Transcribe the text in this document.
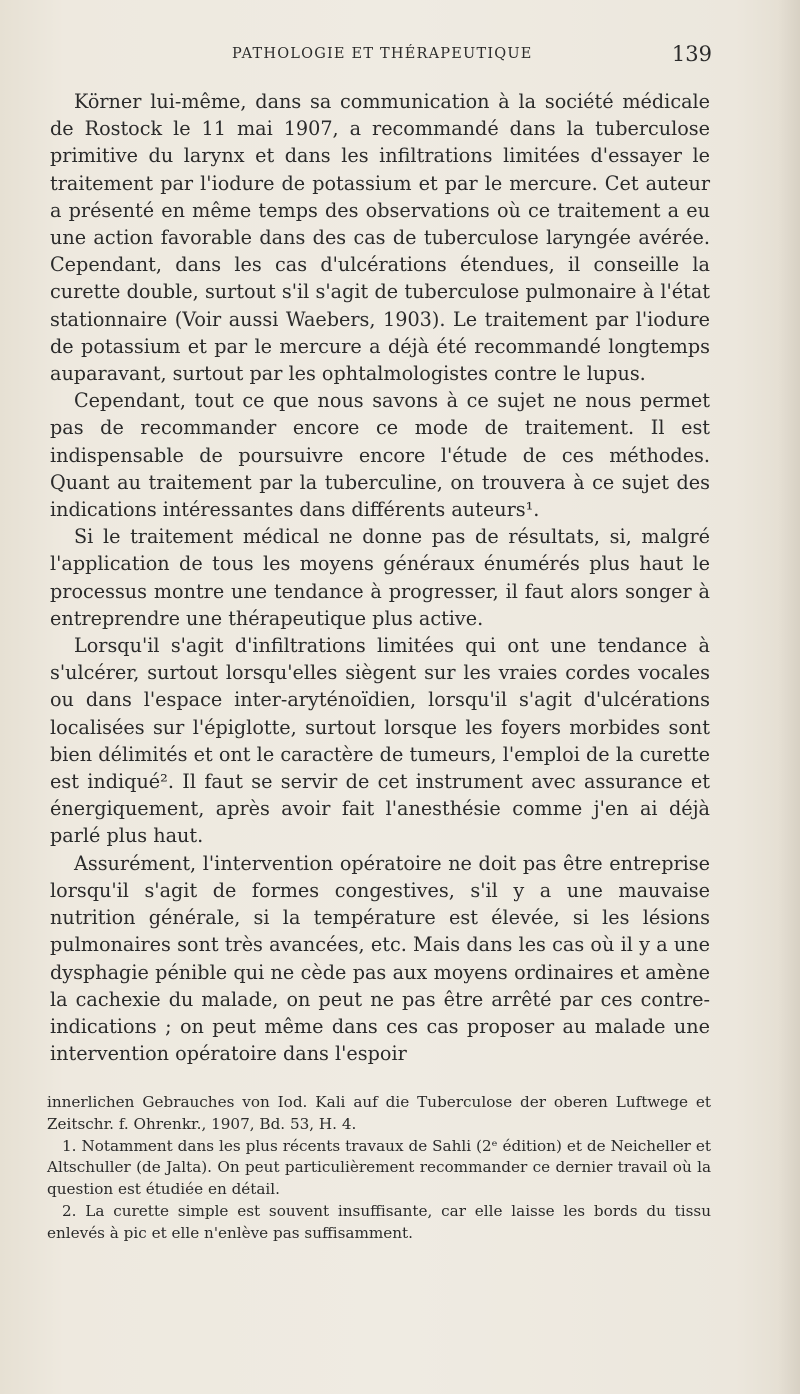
PATHOLOGIE ET THÉRAPEUTIQUE	139

Körner lui-même, dans sa communication à la société médicale de Rostock le 11 mai 1907, a recommandé dans la tuberculose primitive du larynx et dans les infiltrations limitées d'essayer le traitement par l'iodure de potassium et par le mercure. Cet auteur a présenté en même temps des observations où ce traitement a eu une action favorable dans des cas de tuberculose laryngée avérée. Cependant, dans les cas d'ulcérations étendues, il conseille la curette double, surtout s'il s'agit de tuberculose pulmonaire à l'état stationnaire (Voir aussi Waebers, 1903). Le traitement par l'iodure de potassium et par le mercure a déjà été recommandé longtemps auparavant, surtout par les ophtalmologistes contre le lupus.

Cependant, tout ce que nous savons à ce sujet ne nous permet pas de recommander encore ce mode de traitement. Il est indispensable de poursuivre encore l'étude de ces méthodes. Quant au traitement par la tuberculine, on trouvera à ce sujet des indications intéressantes dans différents auteurs¹.

Si le traitement médical ne donne pas de résultats, si, malgré l'application de tous les moyens généraux énumérés plus haut le processus montre une tendance à progresser, il faut alors songer à entreprendre une thérapeutique plus active.

Lorsqu'il s'agit d'infiltrations limitées qui ont une tendance à s'ulcérer, surtout lorsqu'elles siègent sur les vraies cordes vocales ou dans l'espace inter-aryténoïdien, lorsqu'il s'agit d'ulcérations localisées sur l'épiglotte, surtout lorsque les foyers morbides sont bien délimités et ont le caractère de tumeurs, l'emploi de la curette est indiqué². Il faut se servir de cet instrument avec assurance et énergiquement, après avoir fait l'anesthésie comme j'en ai déjà parlé plus haut.

Assurément, l'intervention opératoire ne doit pas être entreprise lorsqu'il s'agit de formes congestives, s'il y a une mauvaise nutrition générale, si la température est élevée, si les lésions pulmonaires sont très avancées, etc. Mais dans les cas où il y a une dysphagie pénible qui ne cède pas aux moyens ordinaires et amène la cachexie du malade, on peut ne pas être arrêté par ces contre-indications ; on peut même dans ces cas proposer au malade une intervention opératoire dans l'espoir

innerlichen Gebrauches von Iod. Kali auf die Tuberculose der oberen Luftwege et Zeitschr. f. Ohrenkr., 1907, Bd. 53, H. 4.

1. Notamment dans les plus récents travaux de Sahli (2ᵉ édition) et de Neicheller et Altschuller (de Jalta). On peut particulièrement recommander ce dernier travail où la question est étudiée en détail.

2. La curette simple est souvent insuffisante, car elle laisse les bords du tissu enlevés à pic et elle n'enlève pas suffisamment.
